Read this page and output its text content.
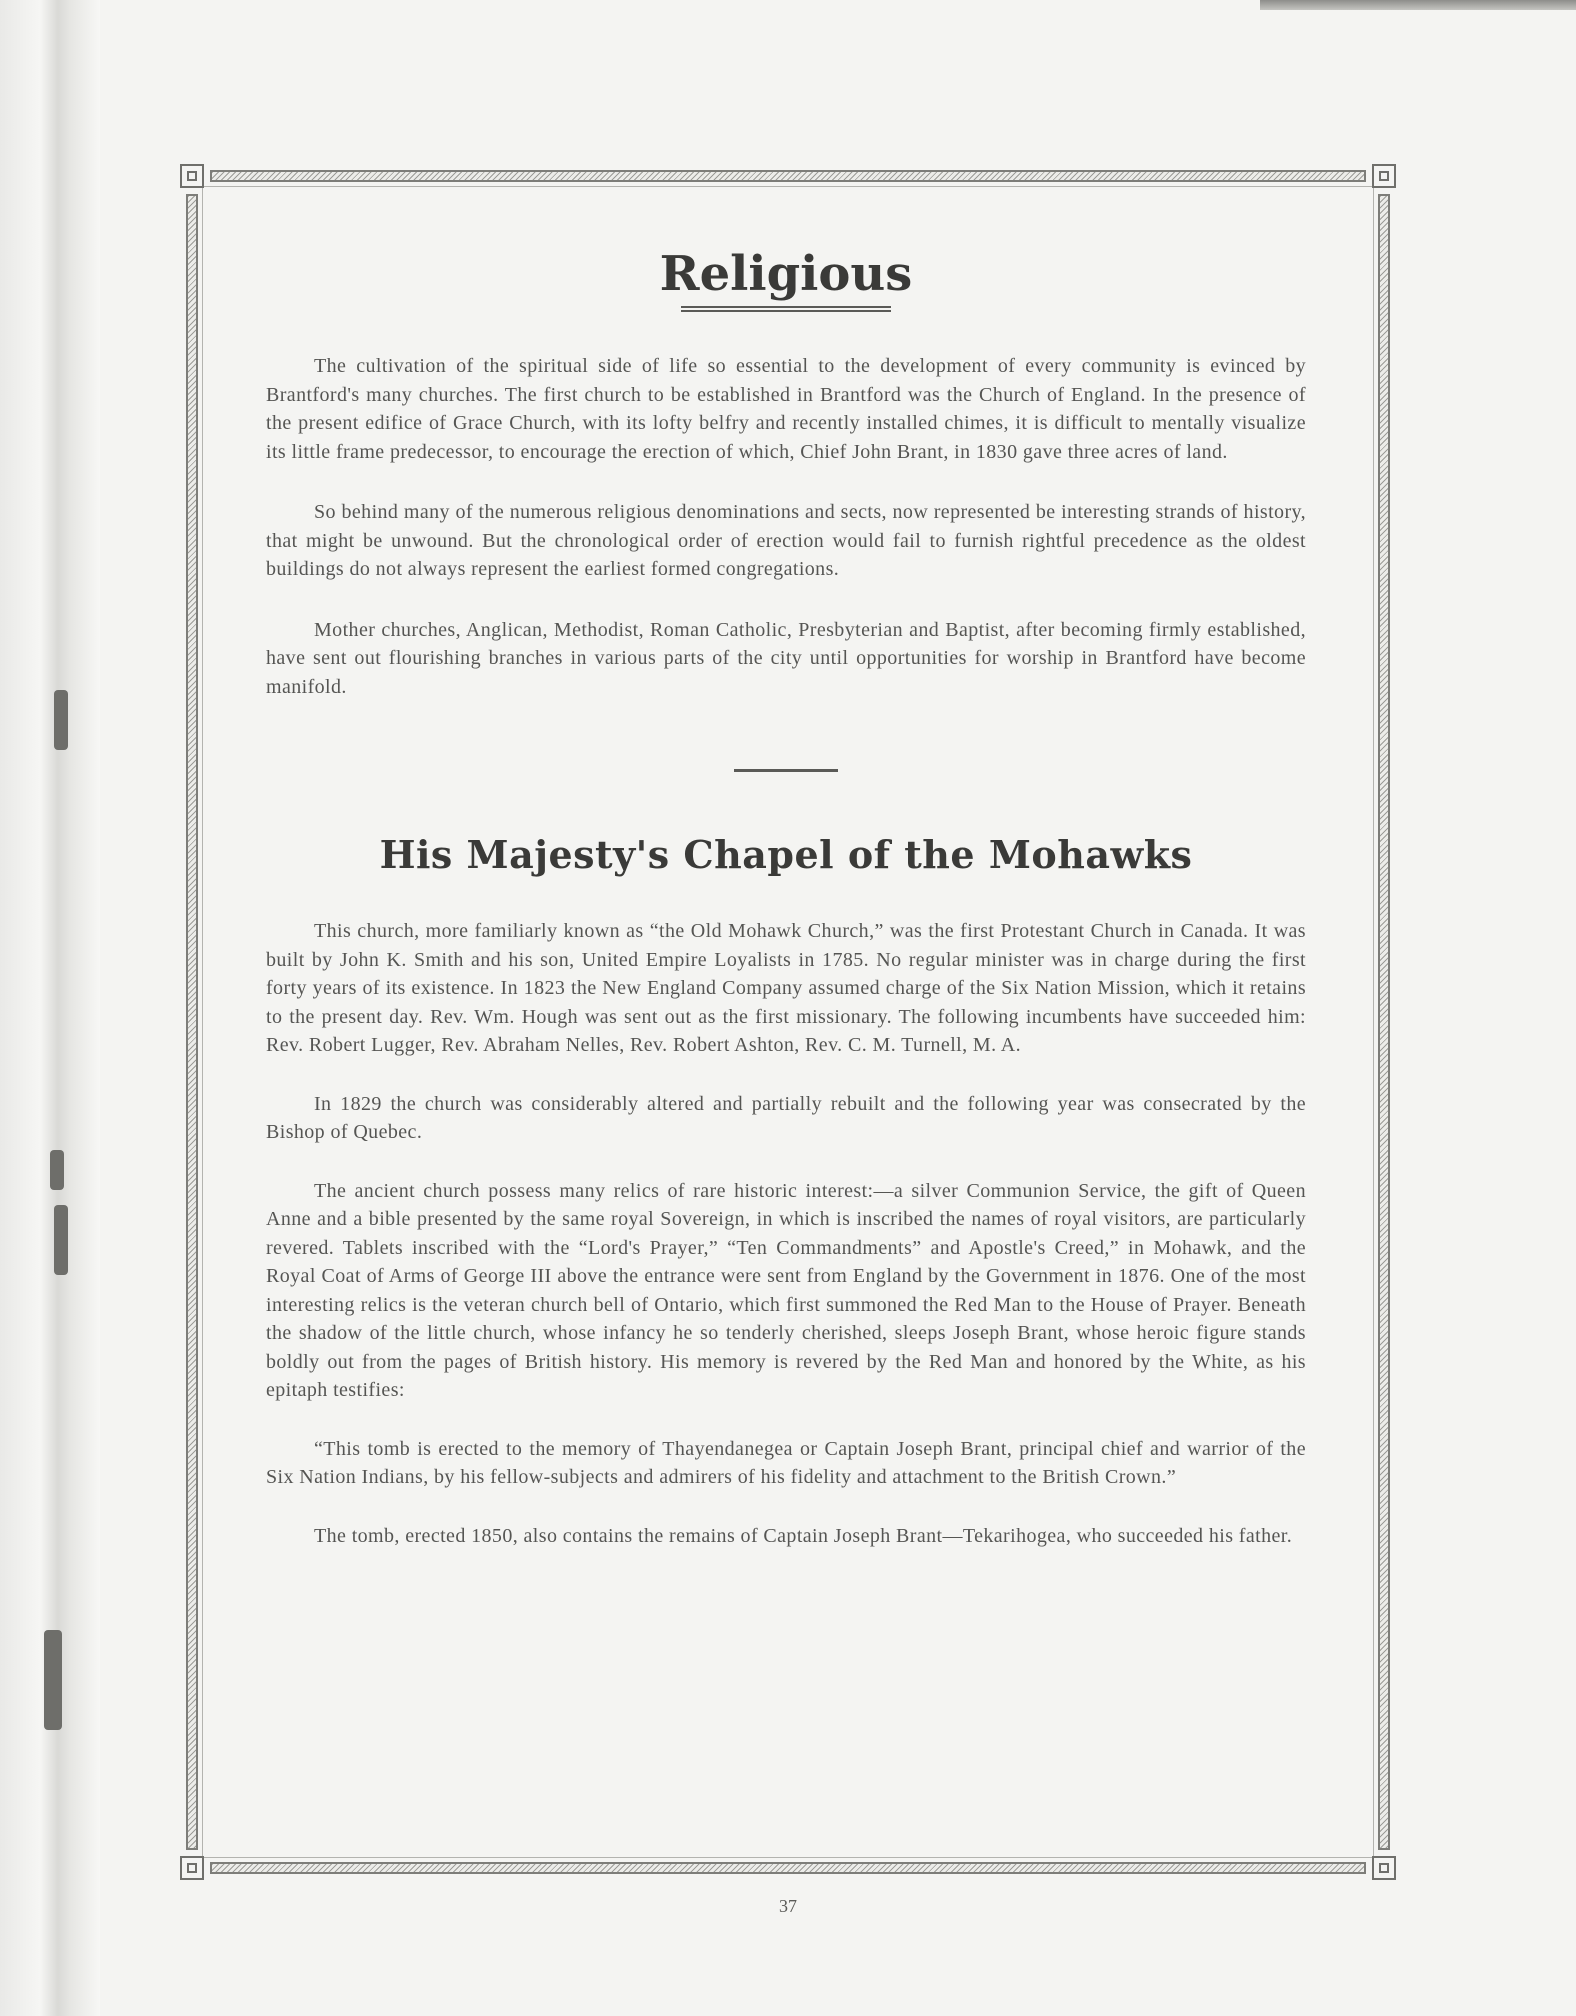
Religious

The cultivation of the spiritual side of life so essential to the development of every community is evinced by Brantford's many churches. The first church to be established in Brantford was the Church of England. In the presence of the present edifice of Grace Church, with its lofty belfry and recently installed chimes, it is difficult to mentally visualize its little frame predecessor, to encourage the erection of which, Chief John Brant, in 1830 gave three acres of land.

So behind many of the numerous religious denominations and sects, now represented be interesting strands of history, that might be unwound. But the chronological order of erection would fail to furnish rightful precedence as the oldest buildings do not always represent the earliest formed congregations.

Mother churches, Anglican, Methodist, Roman Catholic, Presbyterian and Baptist, after becoming firmly established, have sent out flourishing branches in various parts of the city until opportunities for worship in Brantford have become manifold.

His Majesty's Chapel of the Mohawks

This church, more familiarly known as “the Old Mohawk Church,” was the first Protestant Church in Canada. It was built by John K. Smith and his son, United Empire Loyalists in 1785. No regular minister was in charge during the first forty years of its existence. In 1823 the New England Company assumed charge of the Six Nation Mission, which it retains to the present day. Rev. Wm. Hough was sent out as the first missionary. The following incumbents have succeeded him: Rev. Robert Lugger, Rev. Abraham Nelles, Rev. Robert Ashton, Rev. C. M. Turnell, M. A.

In 1829 the church was considerably altered and partially rebuilt and the following year was consecrated by the Bishop of Quebec.

The ancient church possess many relics of rare historic interest:—a silver Communion Service, the gift of Queen Anne and a bible presented by the same royal Sovereign, in which is inscribed the names of royal visitors, are particularly revered. Tablets inscribed with the “Lord's Prayer,” “Ten Commandments” and Apostle's Creed,” in Mohawk, and the Royal Coat of Arms of George III above the entrance were sent from England by the Government in 1876. One of the most interesting relics is the veteran church bell of Ontario, which first summoned the Red Man to the House of Prayer. Beneath the shadow of the little church, whose infancy he so tenderly cherished, sleeps Joseph Brant, whose heroic figure stands boldly out from the pages of British history. His memory is revered by the Red Man and honored by the White, as his epitaph testifies:

“This tomb is erected to the memory of Thayendanegea or Captain Joseph Brant, principal chief and warrior of the Six Nation Indians, by his fellow-subjects and admirers of his fidelity and attachment to the British Crown.”

The tomb, erected 1850, also contains the remains of Captain Joseph Brant—Tekarihogea, who succeeded his father.

37
